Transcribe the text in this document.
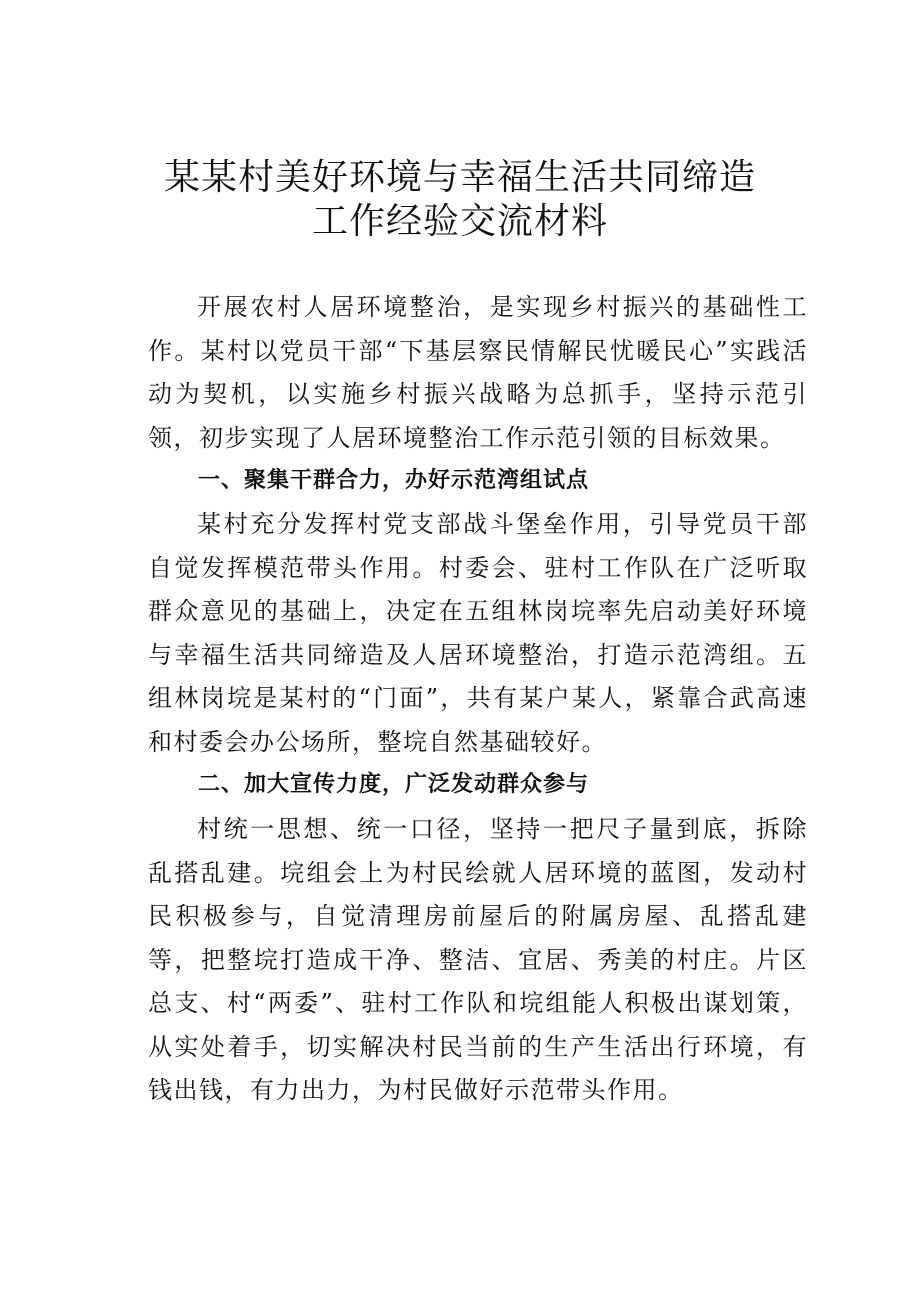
某某村美好环境与幸福生活共同缔造
工作经验交流材料

开展农村人居环境整治，是实现乡村振兴的基础性工作。某村以党员干部“下基层察民情解民忧暖民心”实践活动为契机，以实施乡村振兴战略为总抓手，坚持示范引领，初步实现了人居环境整治工作示范引领的目标效果。

一、聚集干群合力，办好示范湾组试点

某村充分发挥村党支部战斗堡垒作用，引导党员干部自觉发挥模范带头作用。村委会、驻村工作队在广泛听取群众意见的基础上，决定在五组林岗垸率先启动美好环境与幸福生活共同缔造及人居环境整治，打造示范湾组。五组林岗垸是某村的“门面”，共有某户某人，紧靠合武高速和村委会办公场所，整垸自然基础较好。

二、加大宣传力度，广泛发动群众参与

村统一思想、统一口径，坚持一把尺子量到底，拆除乱搭乱建。垸组会上为村民绘就人居环境的蓝图，发动村民积极参与，自觉清理房前屋后的附属房屋、乱搭乱建等，把整垸打造成干净、整洁、宜居、秀美的村庄。片区总支、村“两委”、驻村工作队和垸组能人积极出谋划策，从实处着手，切实解决村民当前的生产生活出行环境，有钱出钱，有力出力，为村民做好示范带头作用。
